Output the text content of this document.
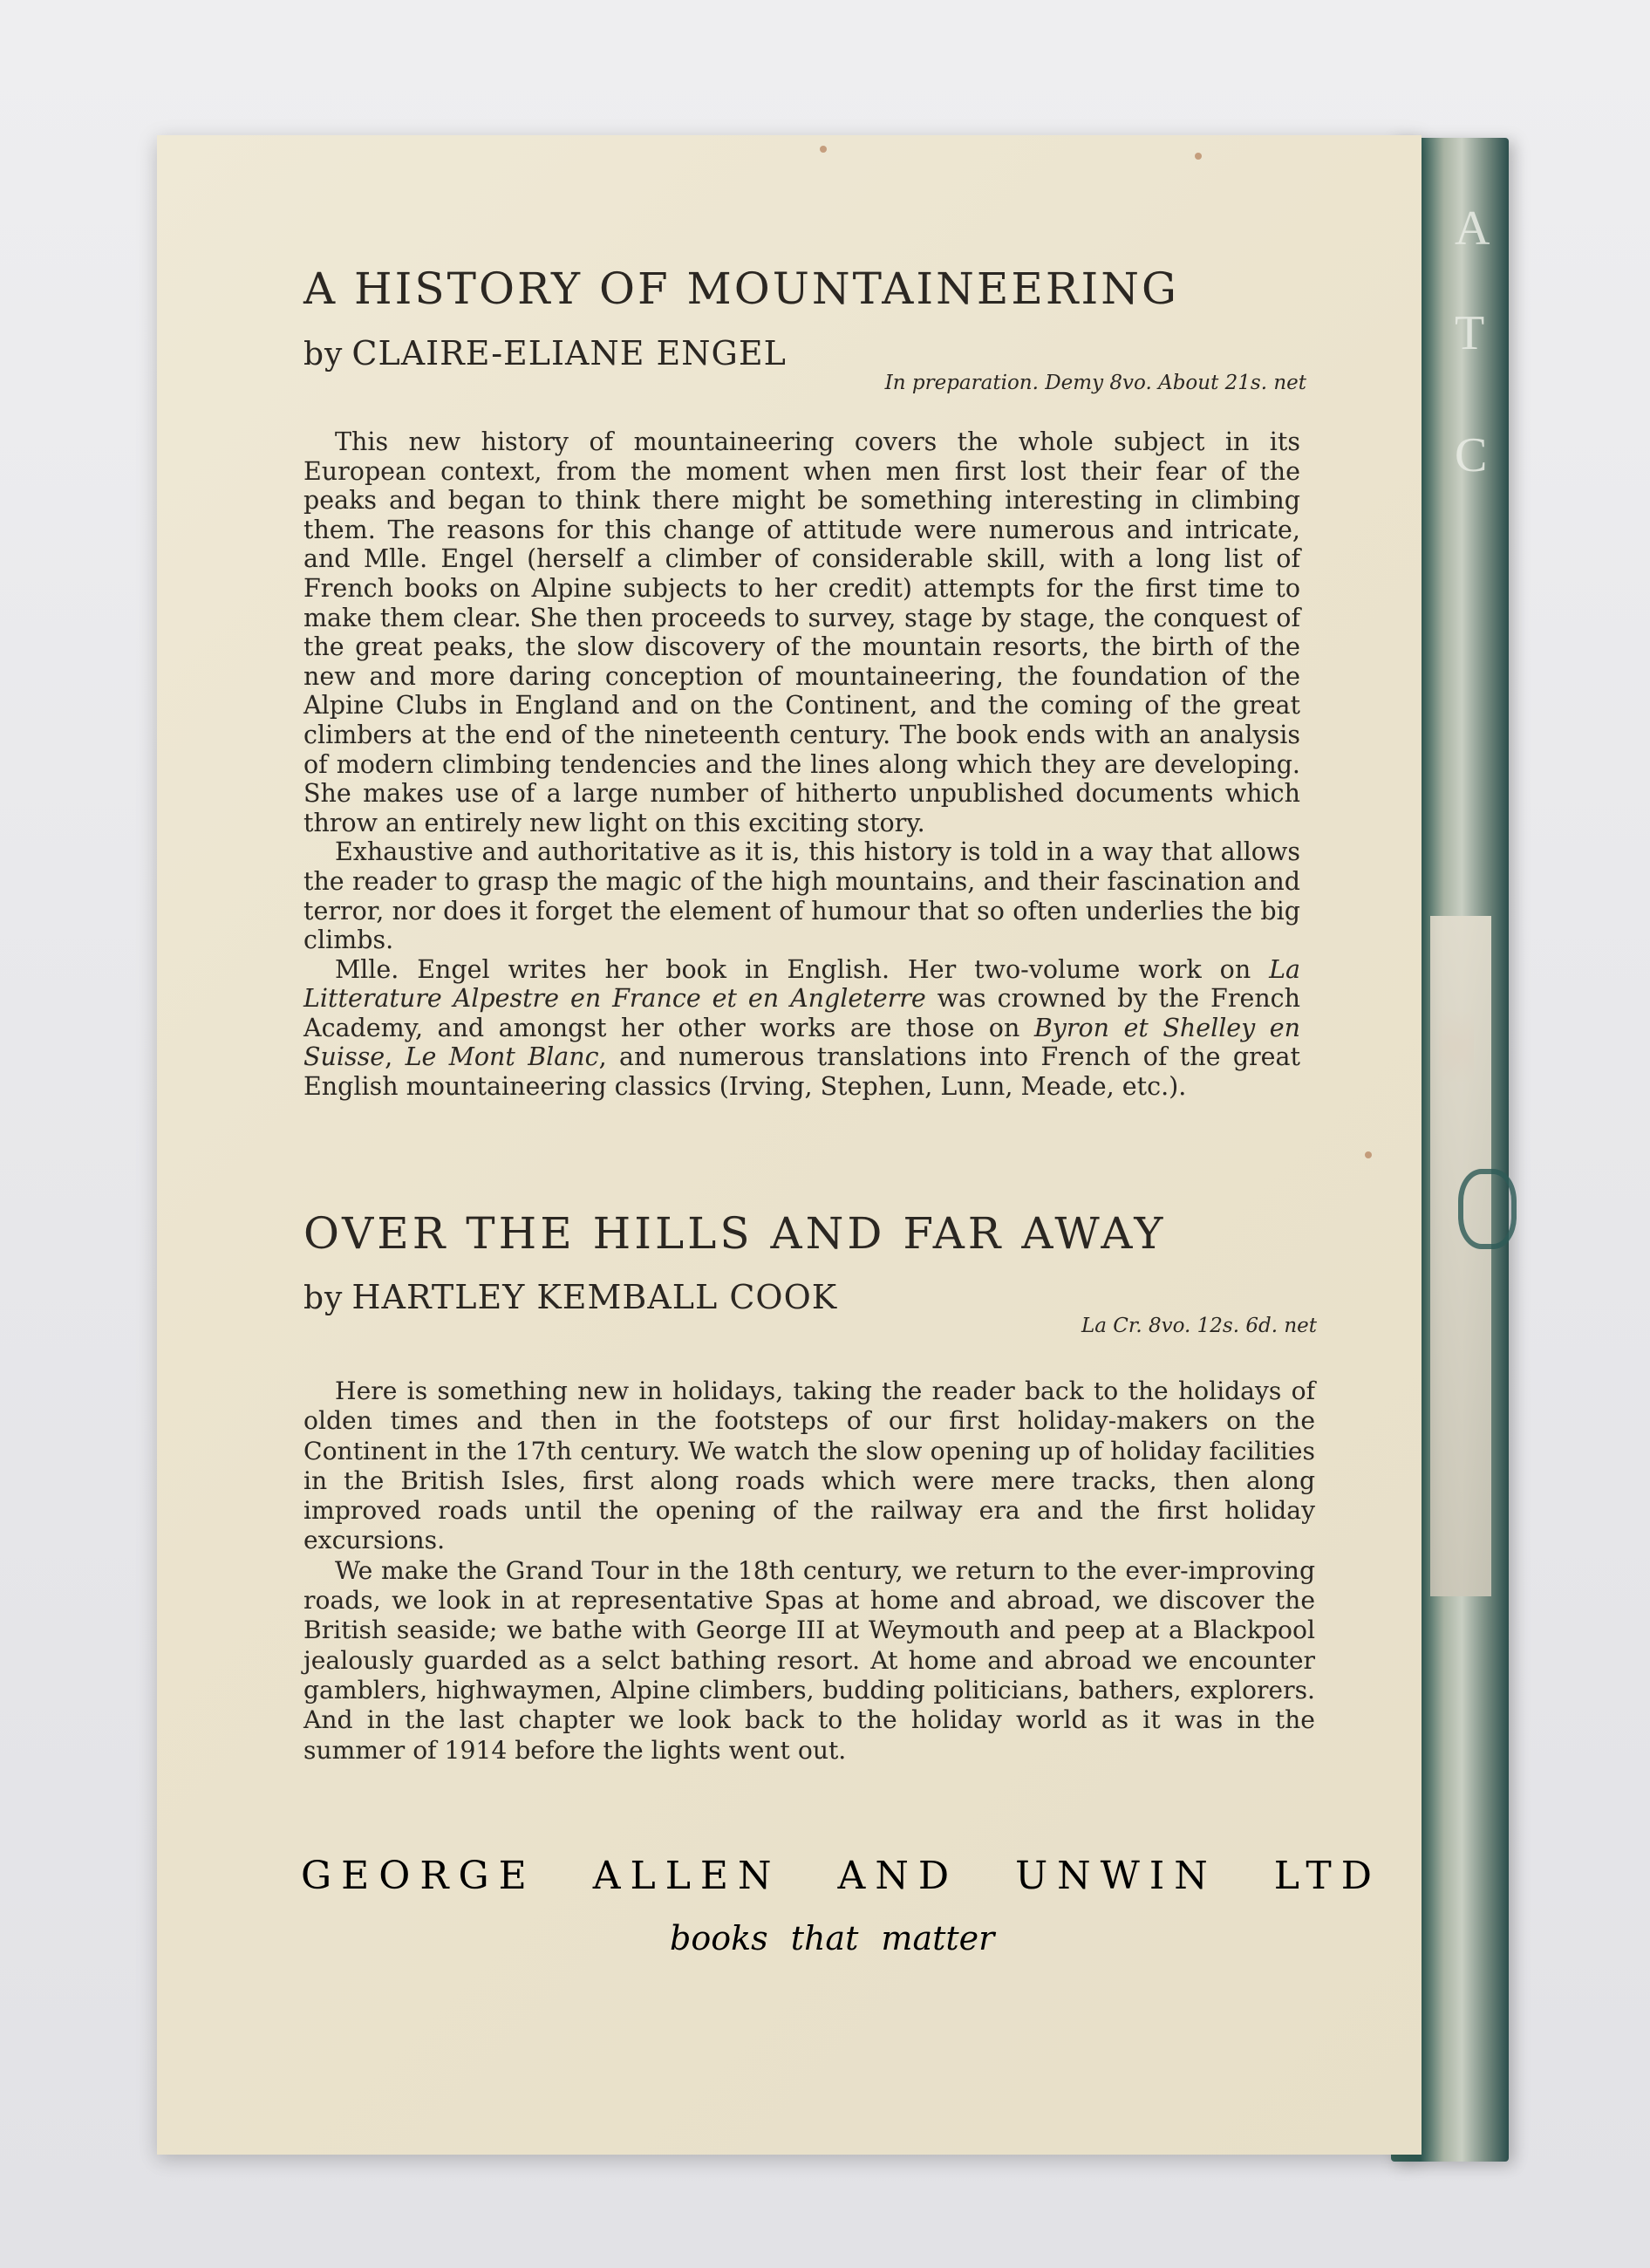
A
T
C
A HISTORY OF MOUNTAINEERING
by CLAIRE-ELIANE ENGEL
In preparation. Demy 8vo. About 21s. net

This new history of mountaineering covers the whole subject in its European context, from the moment when men first lost their fear of the peaks and began to think there might be something interesting in climbing them. The reasons for this change of attitude were numerous and intricate, and Mlle. Engel (herself a climber of considerable skill, with a long list of French books on Alpine subjects to her credit) attempts for the first time to make them clear. She then proceeds to survey, stage by stage, the conquest of the great peaks, the slow discovery of the mountain resorts, the birth of the new and more daring conception of mountaineering, the foundation of the Alpine Clubs in England and on the Continent, and the coming of the great climbers at the end of the nineteenth century. The book ends with an analysis of modern climbing tendencies and the lines along which they are developing. She makes use of a large number of hitherto unpublished documents which throw an entirely new light on this exciting story.

Exhaustive and authoritative as it is, this history is told in a way that allows the reader to grasp the magic of the high mountains, and their fascination and terror, nor does it forget the element of humour that so often underlies the big climbs.

Mlle. Engel writes her book in English. Her two-volume work on La Litterature Alpestre en France et en Angleterre was crowned by the French Academy, and amongst her other works are those on Byron et Shelley en Suisse, Le Mont Blanc, and numerous translations into French of the great English mountaineering classics (Irving, Stephen, Lunn, Meade, etc.).

OVER THE HILLS AND FAR AWAY
by HARTLEY KEMBALL COOK
La Cr. 8vo. 12s. 6d. net

Here is something new in holidays, taking the reader back to the holidays of olden times and then in the footsteps of our first holiday-makers on the Continent in the 17th century. We watch the slow opening up of holiday facilities in the British Isles, first along roads which were mere tracks, then along improved roads until the opening of the railway era and the first holiday excursions.

We make the Grand Tour in the 18th century, we return to the ever-improving roads, we look in at representative Spas at home and abroad, we discover the British seaside; we bathe with George III at Weymouth and peep at a Blackpool jealously guarded as a selct bathing resort. At home and abroad we encounter gamblers, highwaymen, Alpine climbers, budding politicians, bathers, explorers. And in the last chapter we look back to the holiday world as it was in the summer of 1914 before the lights went out.

GEORGE ALLEN AND UNWIN LTD
books that matter
